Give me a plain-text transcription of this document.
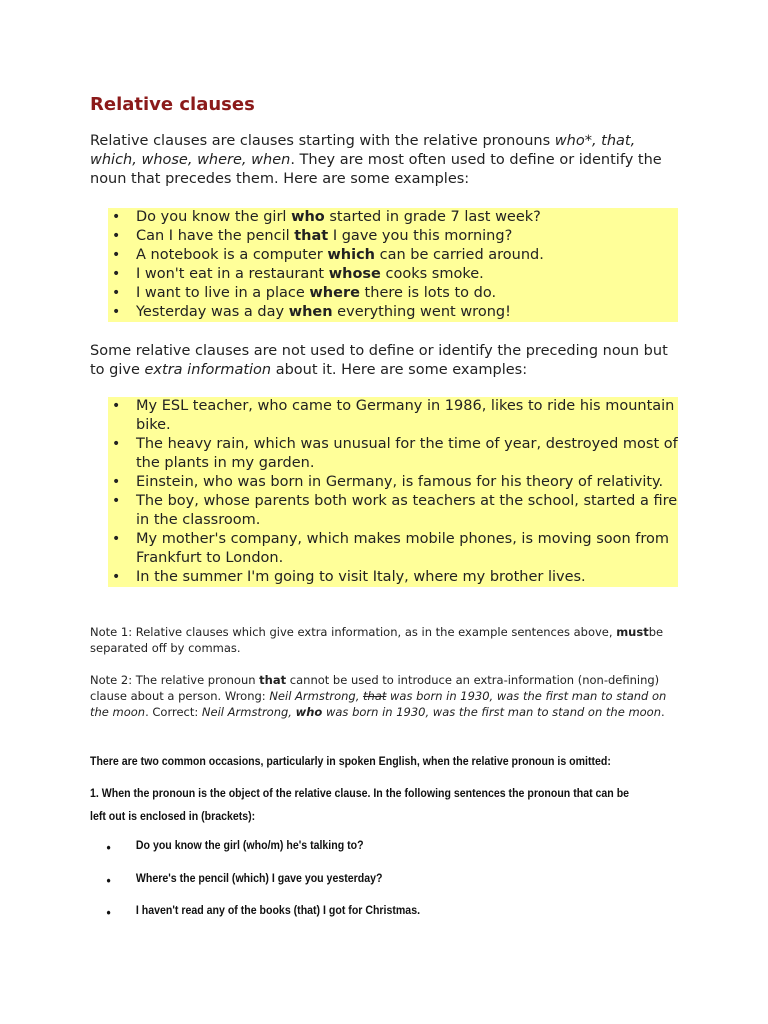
Relative clauses

Relative clauses are clauses starting with the relative pronouns who*, that, which, whose, where, when. They are most often used to define or identify the noun that precedes them. Here are some examples:

• Do you know the girl who started in grade 7 last week?
• Can I have the pencil that I gave you this morning?
• A notebook is a computer which can be carried around.
• I won't eat in a restaurant whose cooks smoke.
• I want to live in a place where there is lots to do.
• Yesterday was a day when everything went wrong!

Some relative clauses are not used to define or identify the preceding noun but to give extra information about it. Here are some examples:

• My ESL teacher, who came to Germany in 1986, likes to ride his mountain bike.
• The heavy rain, which was unusual for the time of year, destroyed most of the plants in my garden.
• Einstein, who was born in Germany, is famous for his theory of relativity.
• The boy, whose parents both work as teachers at the school, started a fire in the classroom.
• My mother's company, which makes mobile phones, is moving soon from Frankfurt to London.
• In the summer I'm going to visit Italy, where my brother lives.

Note 1: Relative clauses which give extra information, as in the example sentences above, mustbe separated off by commas.

Note 2: The relative pronoun that cannot be used to introduce an extra-information (non-defining) clause about a person. Wrong: Neil Armstrong, that was born in 1930, was the first man to stand on the moon. Correct: Neil Armstrong, who was born in 1930, was the first man to stand on the moon.

There are two common occasions, particularly in spoken English, when the relative pronoun is omitted:

1. When the pronoun is the object of the relative clause. In the following sentences the pronoun that can be left out is enclosed in (brackets):

• Do you know the girl (who/m) he's talking to?
• Where's the pencil (which) I gave you yesterday?
• I haven't read any of the books (that) I got for Christmas.
